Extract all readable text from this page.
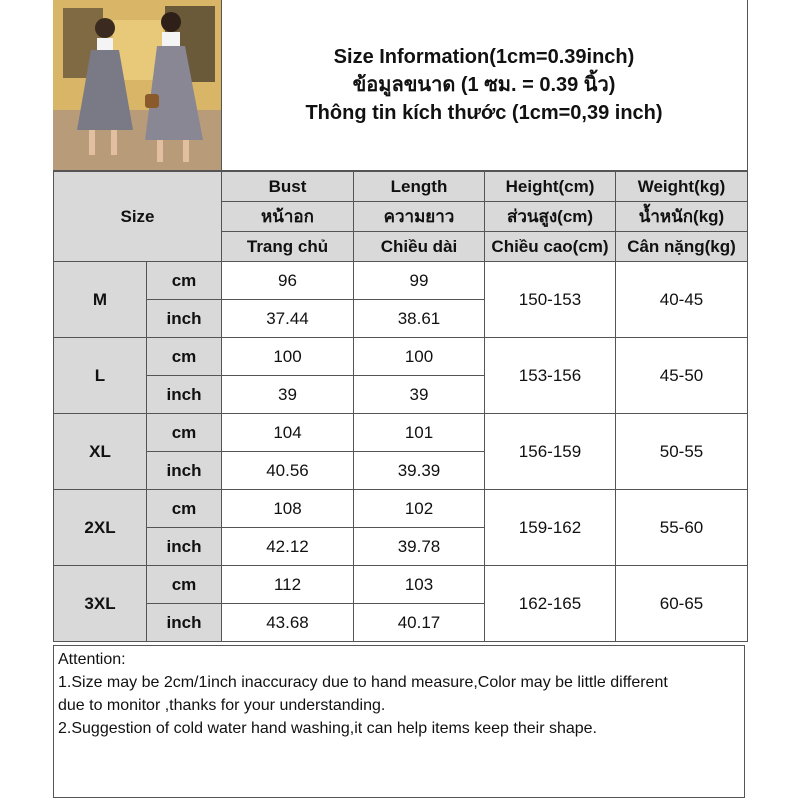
Size Information(1cm=0.39inch)
ข้อมูลขนาด (1 ซม. = 0.39 นิ้ว)
Thông tin kích thước (1cm=0,39 inch)
Size		Bust	Length	Height(cm)	Weight(kg)
		หน้าอก	ความยาว	ส่วนสูง(cm)	น้ำหนัก(kg)
		Trang chủ	Chiều dài	Chiều cao(cm)	Cân nặng(kg)
M	cm	96	99	150-153	40-45
	inch	37.44	38.61		
L	cm	100	100	153-156	45-50
	inch	39	39		
XL	cm	104	101	156-159	50-55
	inch	40.56	39.39		
2XL	cm	108	102	159-162	55-60
	inch	42.12	39.78		
3XL	cm	112	103	162-165	60-65
	inch	43.68	40.17		
Attention:
1.Size may be 2cm/1inch inaccuracy due to hand measure,Color may be little different
due to monitor ,thanks for your understanding.
2.Suggestion of cold water hand washing,it can help items keep their shape.
